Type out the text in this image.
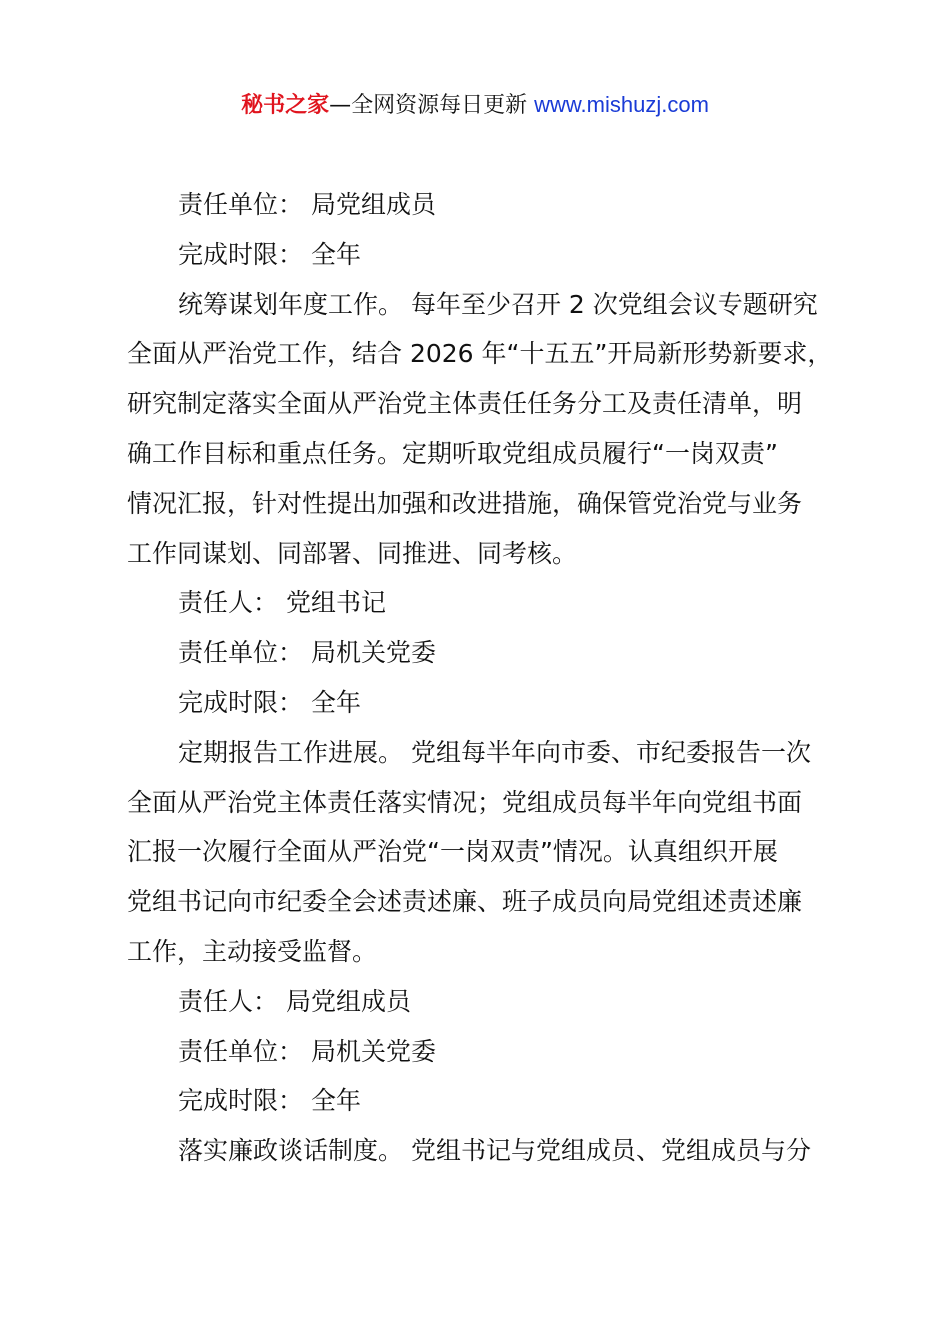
秘书之家—全网资源每日更新 www.mishuzj.com
责任单位： 局党组成员
完成时限： 全年
统筹谋划年度工作。 每年至少召开 2 次党组会议专题研究
全面从严治党工作，结合 2026 年“十五五”开局新形势新要求，
研究制定落实全面从严治党主体责任任务分工及责任清单，明
确工作目标和重点任务。定期听取党组成员履行“一岗双责”
情况汇报，针对性提出加强和改进措施，确保管党治党与业务
工作同谋划、同部署、同推进、同考核。
责任人： 党组书记
责任单位： 局机关党委
完成时限： 全年
定期报告工作进展。 党组每半年向市委、市纪委报告一次
全面从严治党主体责任落实情况；党组成员每半年向党组书面
汇报一次履行全面从严治党“一岗双责”情况。认真组织开展
党组书记向市纪委全会述责述廉、班子成员向局党组述责述廉
工作，主动接受监督。
责任人： 局党组成员
责任单位： 局机关党委
完成时限： 全年
落实廉政谈话制度。 党组书记与党组成员、党组成员与分
